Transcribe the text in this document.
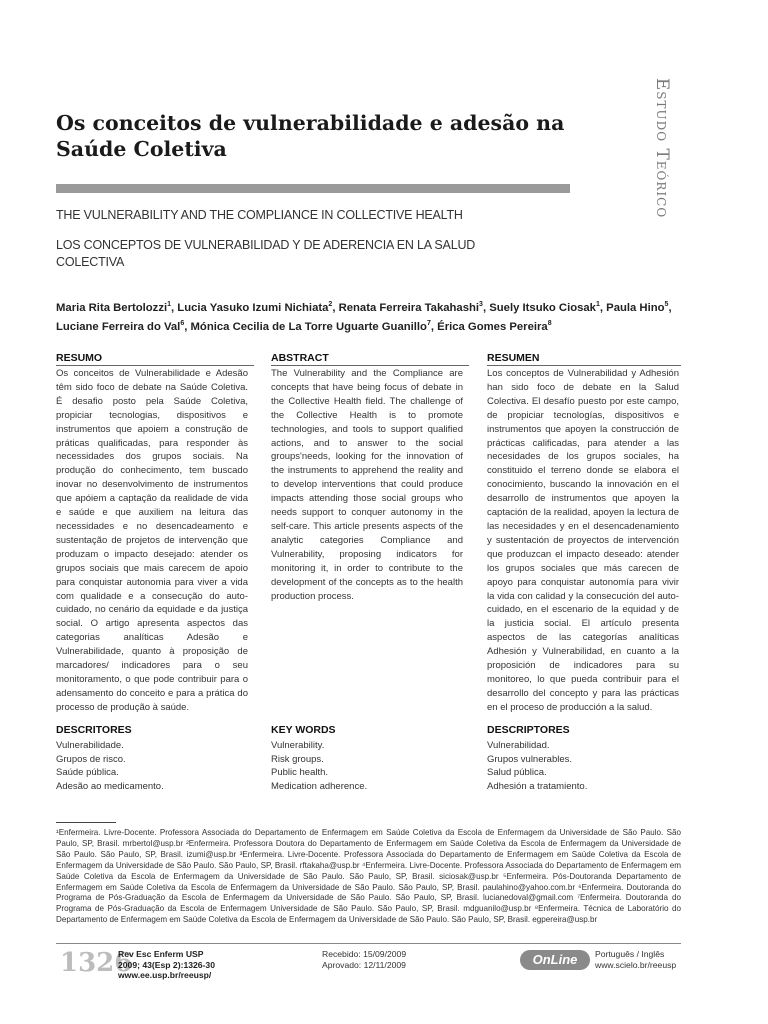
Estudo Teórico
Os conceitos de vulnerabilidade e adesão na Saúde Coletiva
THE VULNERABILITY AND THE COMPLIANCE IN COLLECTIVE HEALTH
LOS CONCEPTOS DE VULNERABILIDAD Y DE ADERENCIA EN LA SALUD COLECTIVA
Maria Rita Bertolozzi$^1$, Lucia Yasuko Izumi Nichiata$^2$, Renata Ferreira Takahashi$^3$, Suely Itsuko Ciosak$^1$, Paula Hino$^5$, Luciane Ferreira do Val$^6$, Mónica Cecilia de La Torre Uguarte Guanillo$^7$, Érica Gomes Pereira$^8$
RESUMO
Os conceitos de Vulnerabilidade e Adesão têm sido foco de debate na Saúde Coletiva. É desafio posto pela Saúde Coletiva, propiciar tecnologias, dispositivos e instrumentos que apoiem a construção de práticas qualificadas, para responder às necessidades dos grupos sociais. Na produção do conhecimento, tem buscado inovar no desenvolvimento de instrumentos que apóiem a captação da realidade de vida e saúde e que auxiliem na leitura das necessidades e no desencadeamento e sustentação de projetos de intervenção que produzam o impacto desejado: atender os grupos sociais que mais carecem de apoio para conquistar autonomia para viver a vida com qualidade e a consecução do auto-cuidado, no cenário da equidade e da justiça social. O artigo apresenta aspectos das categorias analíticas Adesão e Vulnerabilidade, quanto à proposição de marcadores/ indicadores para o seu monitoramento, o que pode contribuir para o adensamento do conceito e para a prática do processo de produção à saúde.
ABSTRACT
The Vulnerability and the Compliance are concepts that have being focus of debate in the Collective Health field. The challenge of the Collective Health is to promote technologies, and tools to support qualified actions, and to answer to the social groups'needs, looking for the innovation of the instruments to apprehend the reality and to develop interventions that could produce impacts attending those social groups who needs support to conquer autonomy in the self-care. This article presents aspects of the analytic categories Compliance and Vulnerability, proposing indicators for monitoring it, in order to contribute to the development of the concepts as to the health production process.
RESUMEN
Los conceptos de Vulnerabilidad y Adhesión han sido foco de debate en la Salud Colectiva. El desafío puesto por este campo, de propiciar tecnologías, dispositivos e instrumentos que apoyen la construcción de prácticas calificadas, para atender a las necesidades de los grupos sociales, ha constituido el terreno donde se elabora el conocimiento, buscando la innovación en el desarrollo de instrumentos que apoyen la captación de la realidad, apoyen la lectura de las necesidades y en el desencadenamiento y sustentación de proyectos de intervención que produzcan el impacto deseado: atender los grupos sociales que más carecen de apoyo para conquistar autonomía para vivir la vida con calidad y la consecución del auto-cuidado, en el escenario de la equidad y de la justicia social. El artículo presenta aspectos de las categorías analíticas Adhesión y Vulnerabilidad, en cuanto a la proposición de indicadores para su monitoreo, lo que pueda contribuir para el desarrollo del concepto y para las prácticas en el proceso de producción a la salud.
DESCRITORES
Vulnerabilidade.
Grupos de risco.
Saúde pública.
Adesão ao medicamento.
KEY WORDS
Vulnerability.
Risk groups.
Public health.
Medication adherence.
DESCRIPTORES
Vulnerabilidad.
Grupos vulnerables.
Salud pública.
Adhesión a tratamiento.
¹Enfermeira. Livre-Docente. Professora Associada do Departamento de Enfermagem em Saúde Coletiva da Escola de Enfermagem da Universidade de São Paulo. São Paulo, SP, Brasil. mrbertol@usp.br ²Enfermeira. Professora Doutora do Departamento de Enfermagem em Saúde Coletiva da Escola de Enfermagem da Universidade de São Paulo. São Paulo, SP, Brasil. izumi@usp.br ³Enfermeira. Livre-Docente. Professora Associada do Departamento de Enfermagem em Saúde Coletiva da Escola de Enfermagem da Universidade de São Paulo. São Paulo, SP, Brasil. rftakaha@usp.br ⁴Enfermeira. Livre-Docente. Professora Associada do Departamento de Enfermagem em Saúde Coletiva da Escola de Enfermagem da Universidade de São Paulo. São Paulo, SP, Brasil. siciosak@usp.br ⁵Enfermeira. Pós-Doutoranda Departamento de Enfermagem em Saúde Coletiva da Escola de Enfermagem da Universidade de São Paulo. São Paulo, SP, Brasil. paulahino@yahoo.com.br ⁶Enfermeira. Doutoranda do Programa de Pós-Graduação da Escola de Enfermagem da Universidade de São Paulo. São Paulo, SP, Brasil. lucianedoval@gmail.com ⁷Enfermeira. Doutoranda do Programa de Pós-Graduação da Escola de Enfermagem Universidade de São Paulo. São Paulo, SP, Brasil. mdguanilo@usp.br ⁸Enfermeira. Técnica de Laboratório do Departamento de Enfermagem em Saúde Coletiva da Escola de Enfermagem da Universidade de São Paulo. São Paulo, SP, Brasil. egpereira@usp.br
1326
Rev Esc Enferm USP
2009; 43(Esp 2):1326-30
www.ee.usp.br/reeusp/
Recebido: 15/09/2009
Aprovado: 12/11/2009	OnLine	Português / Inglês
www.scielo.br/reeusp
